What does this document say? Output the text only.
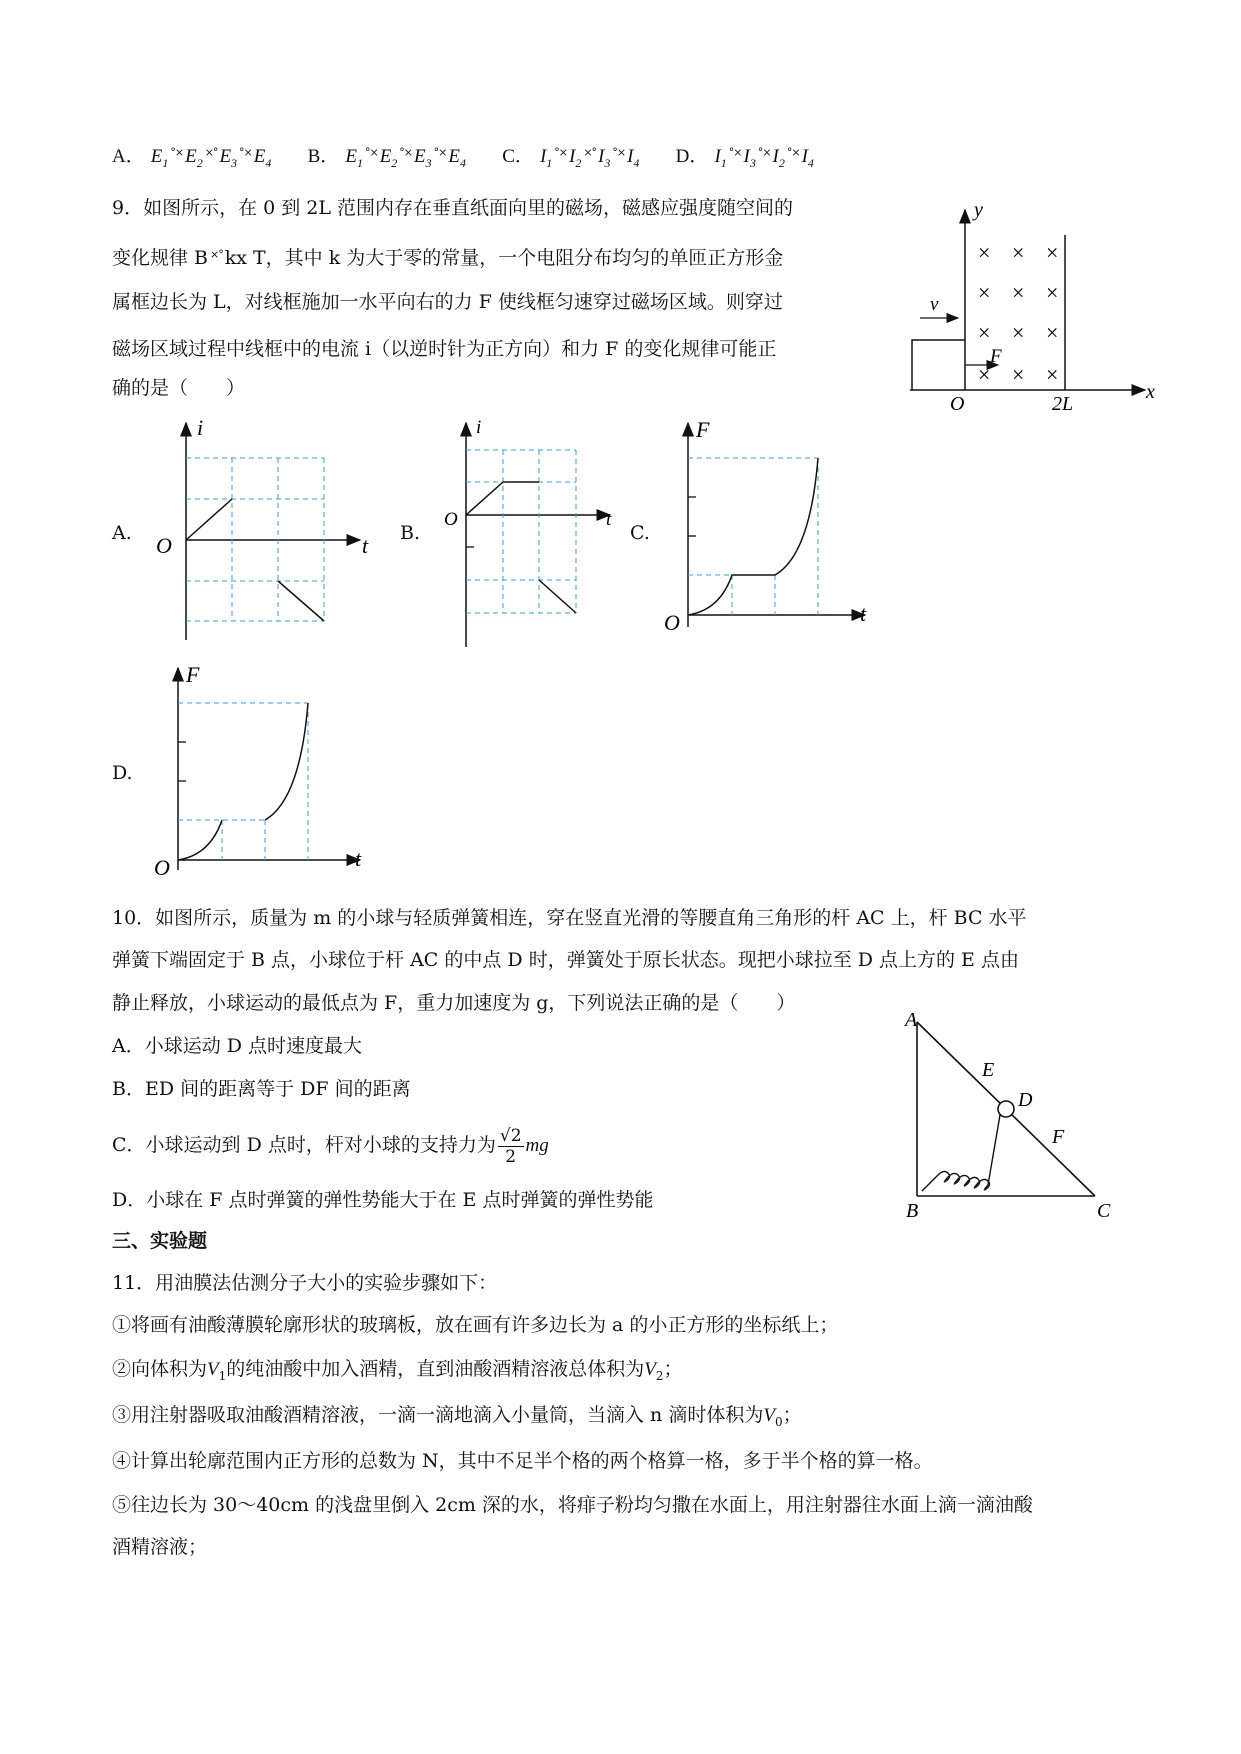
A． $E_1^{^\circ\times}$ $E_2^{\times^\circ}$ $E_3^{^\circ\times}$ $E_4$ B． $E_1^{^\circ\times}$ $E_2^{^\circ\times}$ $E_3^{^\circ\times}$ $E_4$ C． $I_1^{^\circ\times}$ $I_2^{\times^\circ}$ $I_3^{^\circ\times}$ $I_4$ D． $I_1^{^\circ\times}$ $I_3^{^\circ\times}$ $I_2^{^\circ\times}$ $I_4$
9．如图所示，在 0 到 2L 范围内存在垂直纸面向里的磁场，磁感应强度随空间的
变化规律 B ×° kx T，其中 k 为大于零的常量，一个电阻分布均匀的单匝正方形金
属框边长为 L，对线框施加一水平向右的力 F 使线框匀速穿过磁场区域。则穿过
磁场区域过程中线框中的电流 i（以逆时针为正方向）和力 F 的变化规律可能正
确的是（　　）
y
x
O	2L
× × ×
× × ×
× × ×
× × ×
v
F
A.
i
t
O	B.
i
t
O
C.
F
t
O
D.
F
t
O
10．如图所示，质量为 m 的小球与轻质弹簧相连，穿在竖直光滑的等腰直角三角形的杆 AC 上，杆 BC 水平
弹簧下端固定于 B 点，小球位于杆 AC 的中点 D 时，弹簧处于原长状态。现把小球拉至 D 点上方的 E 点由
静止释放，小球运动的最低点为 F，重力加速度为 g，下列说法正确的是（　　）
A．小球运动 D 点时速度最大
B．ED 间的距离等于 DF 间的距离
C．小球运动到 D 点时，杆对小球的支持力为 $\frac{√2}{2}$ mg
D．小球在 F 点时弹簧的弹性势能大于在 E 点时弹簧的弹性势能
A
B	C
D
E
F
三、实验题
11．用油膜法估测分子大小的实验步骤如下：
①将画有油酸薄膜轮廓形状的玻璃板，放在画有许多边长为 a 的小正方形的坐标纸上；
②向体积为$V_1$的纯油酸中加入酒精，直到油酸酒精溶液总体积为$V_2$；
③用注射器吸取油酸酒精溶液，一滴一滴地滴入小量筒，当滴入 n 滴时体积为$V_0$；
④计算出轮廓范围内正方形的总数为 N，其中不足半个格的两个格算一格，多于半个格的算一格。
⑤往边长为 30～40cm 的浅盘里倒入 2cm 深的水，将痱子粉均匀撒在水面上，用注射器往水面上滴一滴油酸
酒精溶液；
